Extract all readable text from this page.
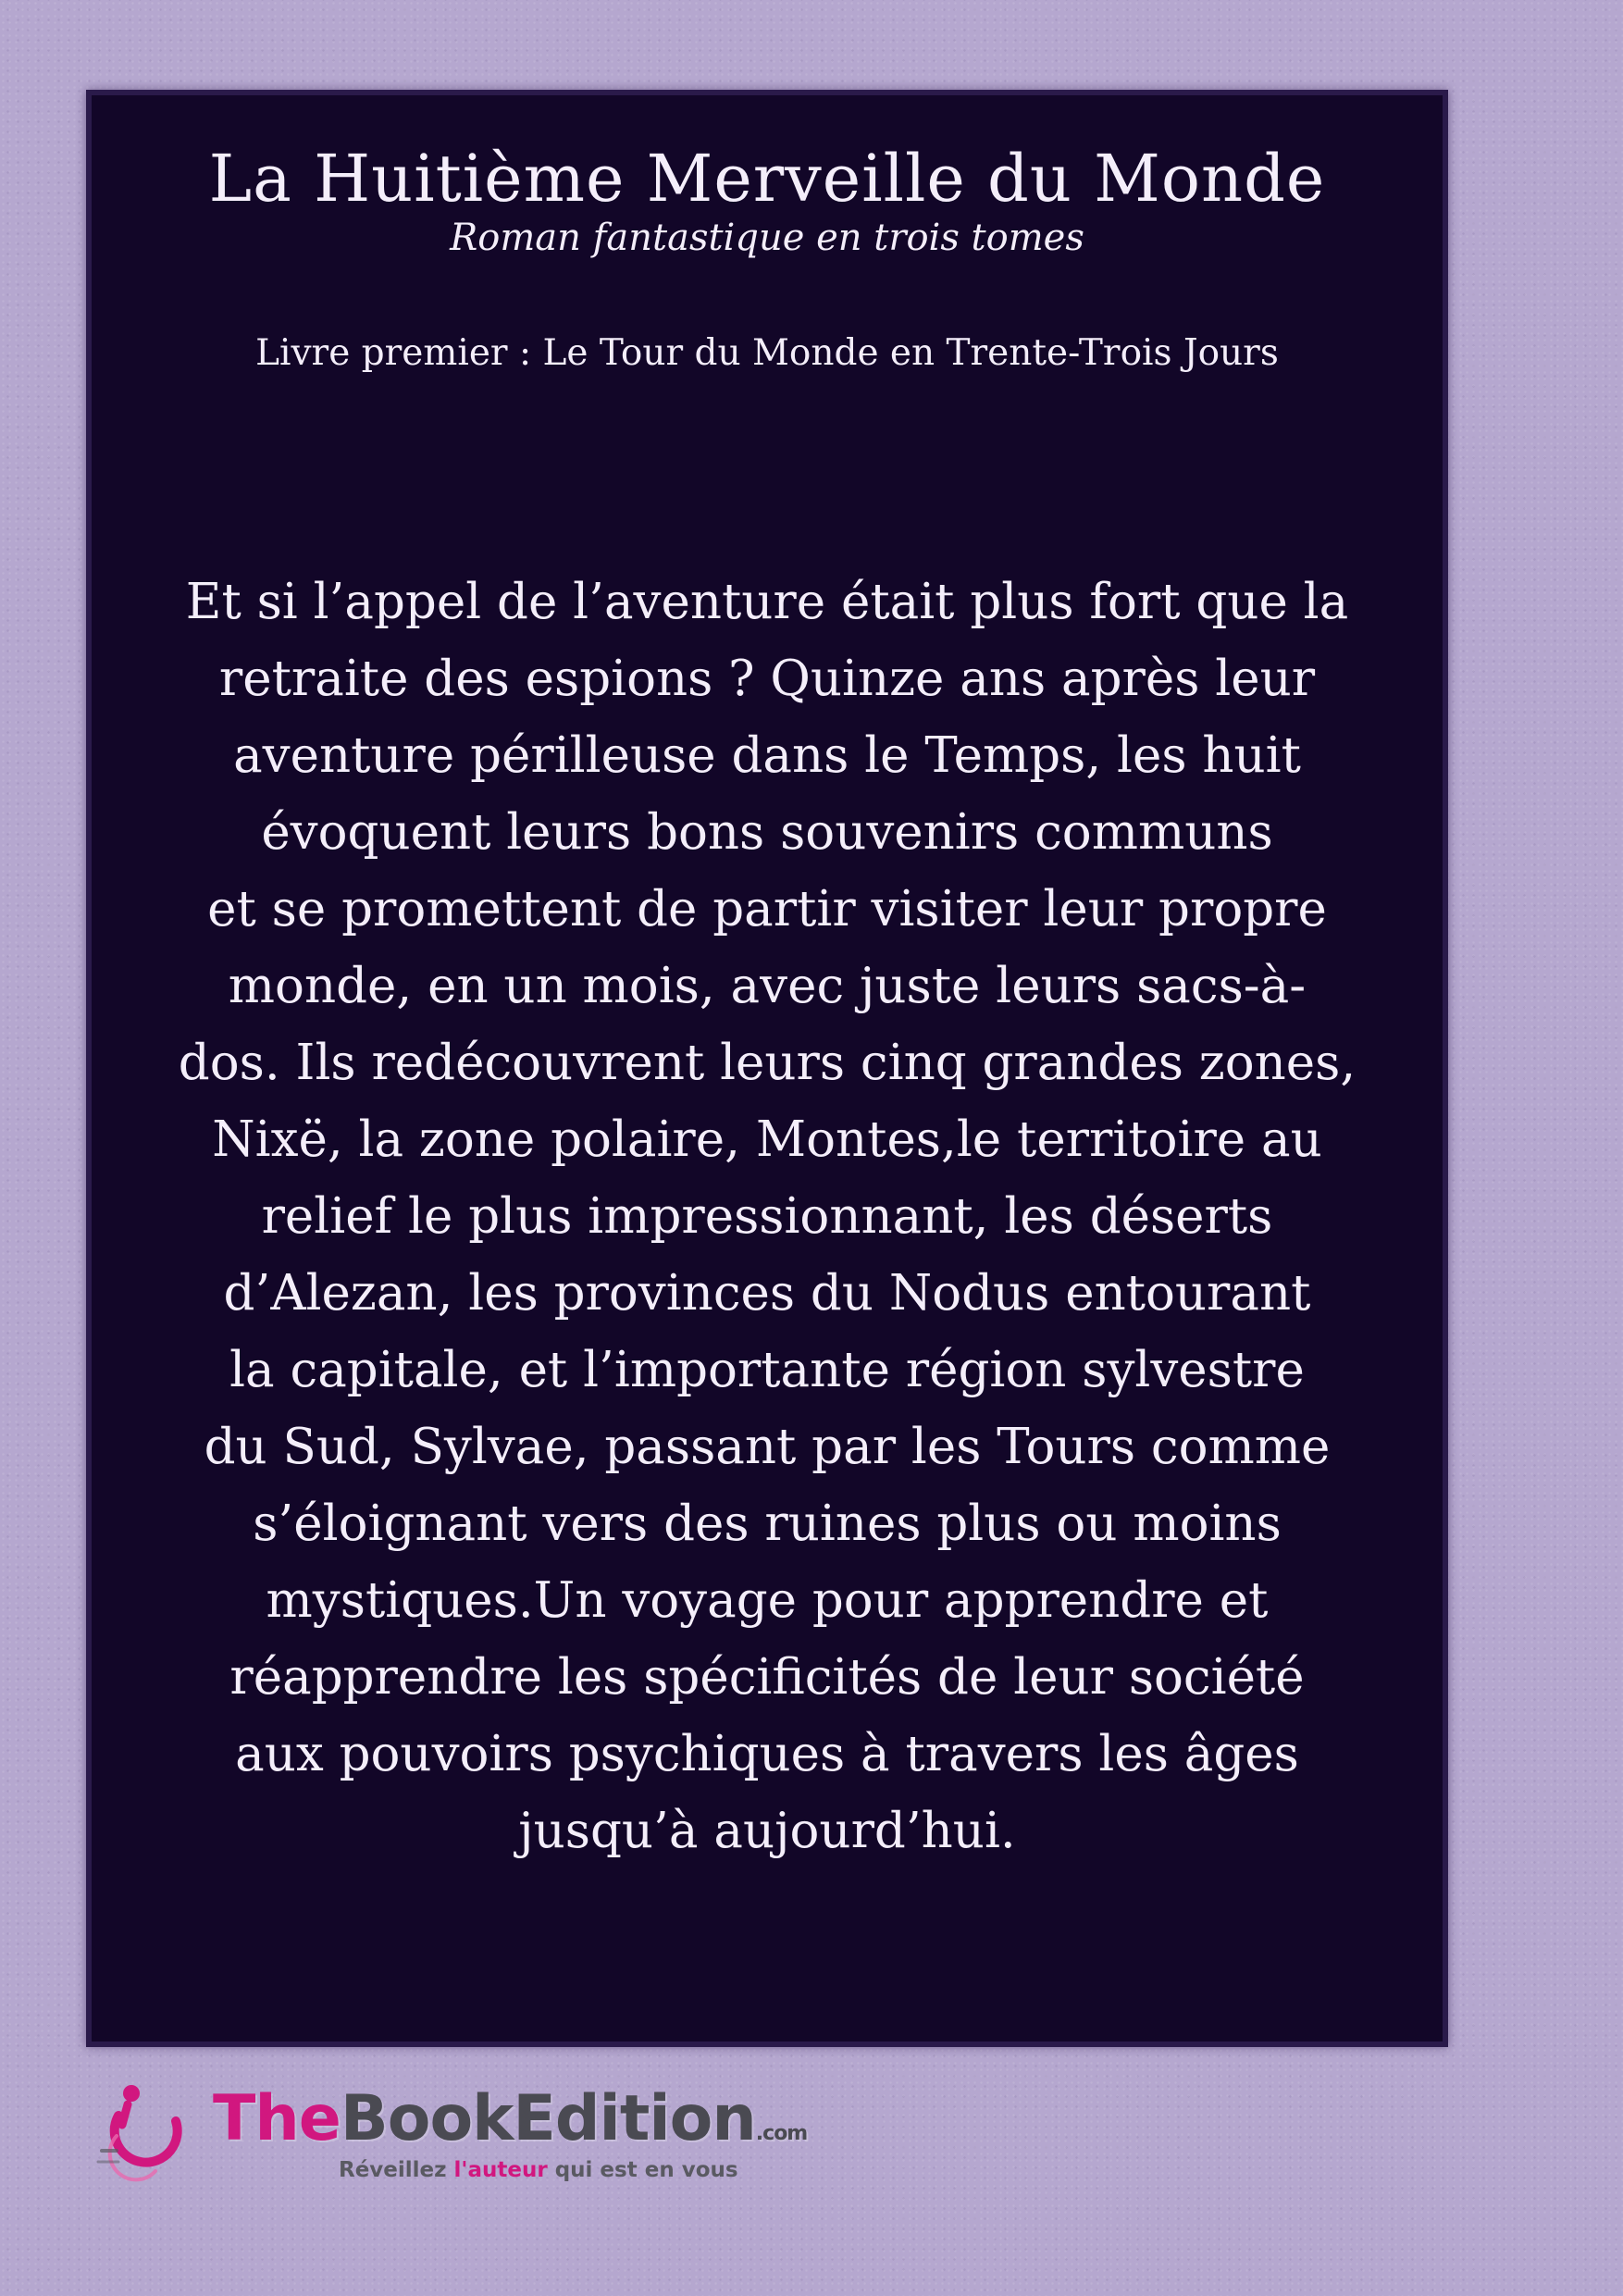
La Huitième Merveille du Monde
Roman fantastique en trois tomes
Livre premier : Le Tour du Monde en Trente-Trois Jours
Et si l’appel de l’aventure était plus fort que la
retraite des espions ? Quinze ans après leur
aventure périlleuse dans le Temps, les huit
évoquent leurs bons souvenirs communs
et se promettent de partir visiter leur propre
monde, en un mois, avec juste leurs sacs-à-
dos. Ils redécouvrent leurs cinq grandes zones,
Nixë, la zone polaire, Montes,le territoire au
relief le plus impressionnant, les déserts
d’Alezan, les provinces du Nodus entourant
la capitale, et l’importante région sylvestre
du Sud, Sylvae, passant par les Tours comme
s’éloignant vers des ruines plus ou moins
mystiques.Un voyage pour apprendre et
réapprendre les spécificités de leur société
aux pouvoirs psychiques à travers les âges
jusqu’à aujourd’hui.
TheBookEdition.com
Réveillez l'auteur qui est en vous
